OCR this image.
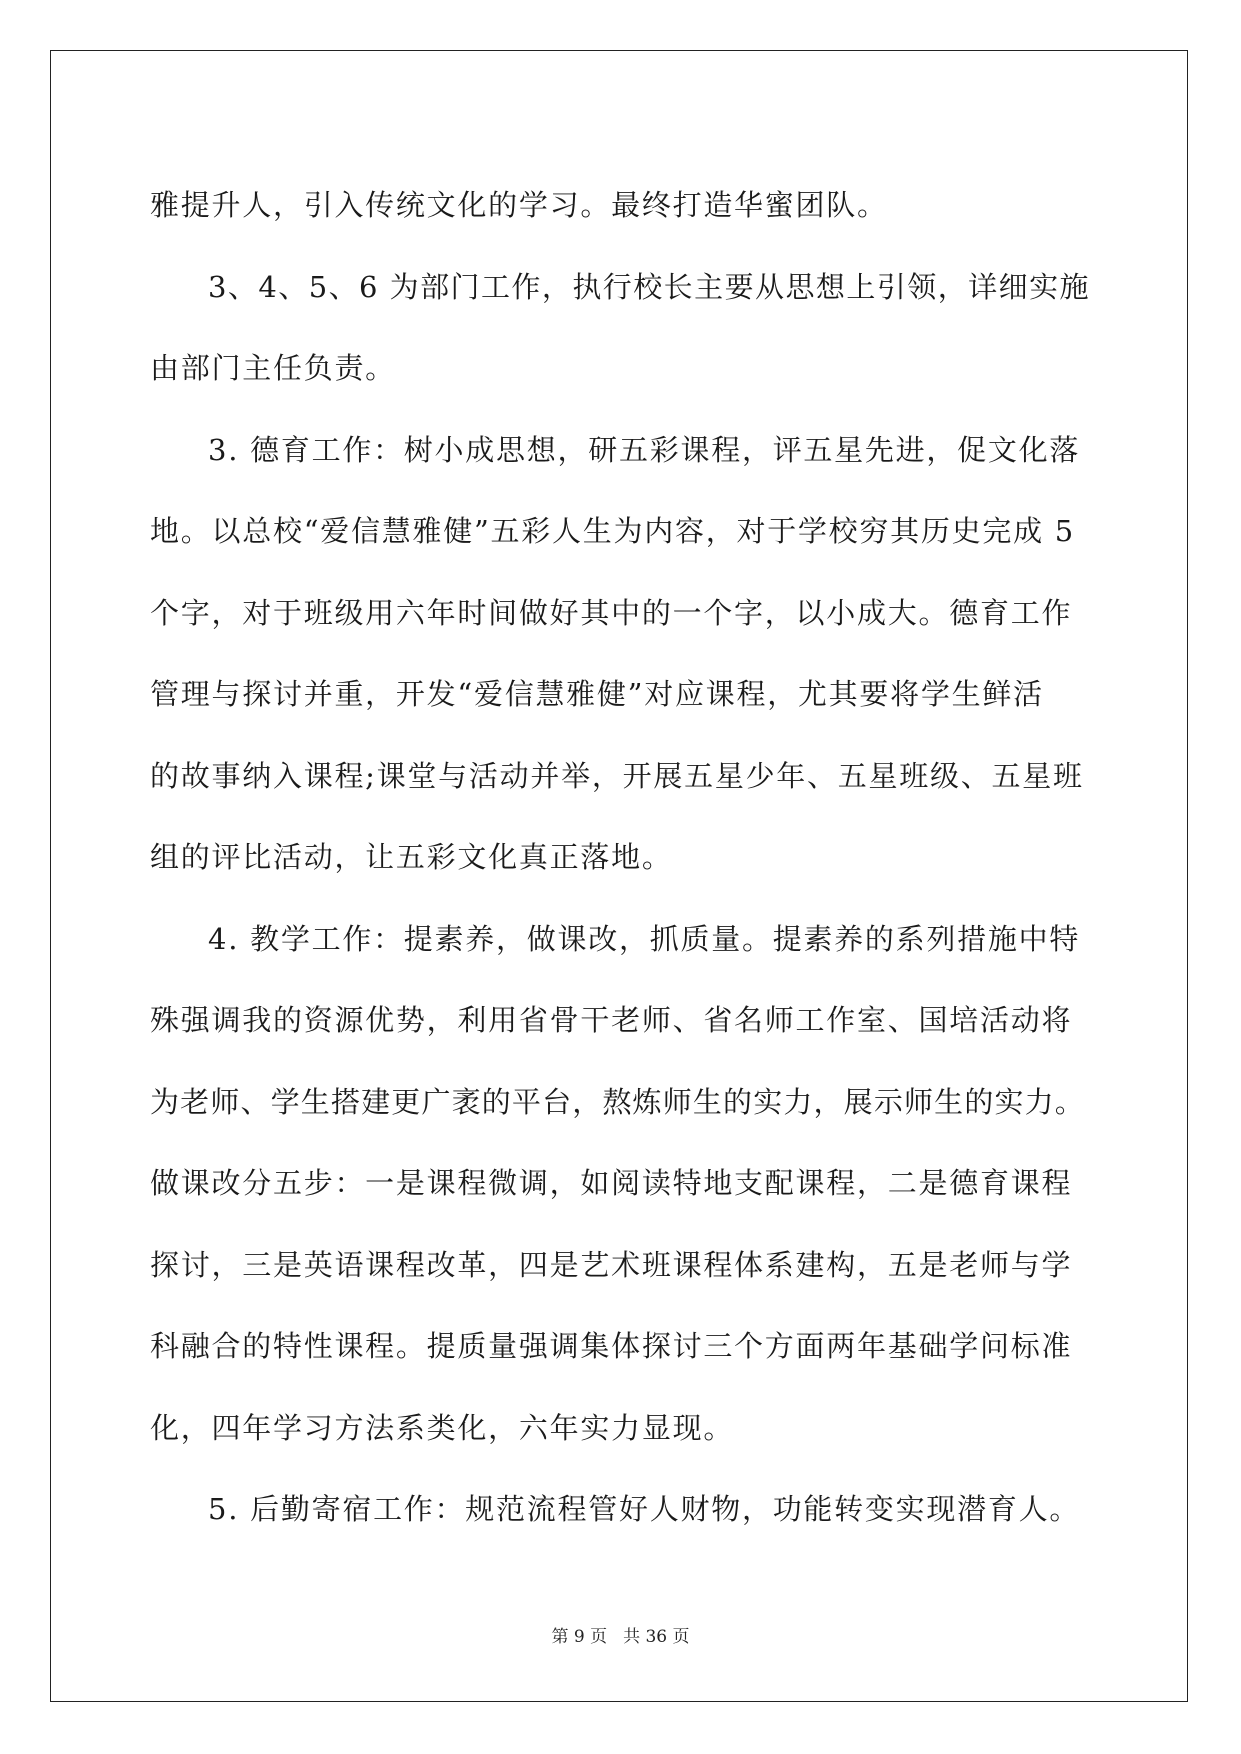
雅提升人，引入传统文化的学习。最终打造华蜜团队。
3、4、5、6 为部门工作，执行校长主要从思想上引领，详细实施
由部门主任负责。
3. 德育工作：树小成思想，研五彩课程，评五星先进，促文化落
地。以总校“爱信慧雅健”五彩人生为内容，对于学校穷其历史完成 5
个字，对于班级用六年时间做好其中的一个字，以小成大。德育工作
管理与探讨并重，开发“爱信慧雅健”对应课程，尤其要将学生鲜活
的故事纳入课程;课堂与活动并举，开展五星少年、五星班级、五星班
组的评比活动，让五彩文化真正落地。
4. 教学工作：提素养，做课改，抓质量。提素养的系列措施中特
殊强调我的资源优势，利用省骨干老师、省名师工作室、国培活动将
为老师、学生搭建更广袤的平台，熬炼师生的实力，展示师生的实力。
做课改分五步：一是课程微调，如阅读特地支配课程，二是德育课程
探讨，三是英语课程改革，四是艺术班课程体系建构，五是老师与学
科融合的特性课程。提质量强调集体探讨三个方面两年基础学问标准
化，四年学习方法系类化，六年实力显现。
5. 后勤寄宿工作：规范流程管好人财物，功能转变实现潜育人。
第 9 页 共 36 页
